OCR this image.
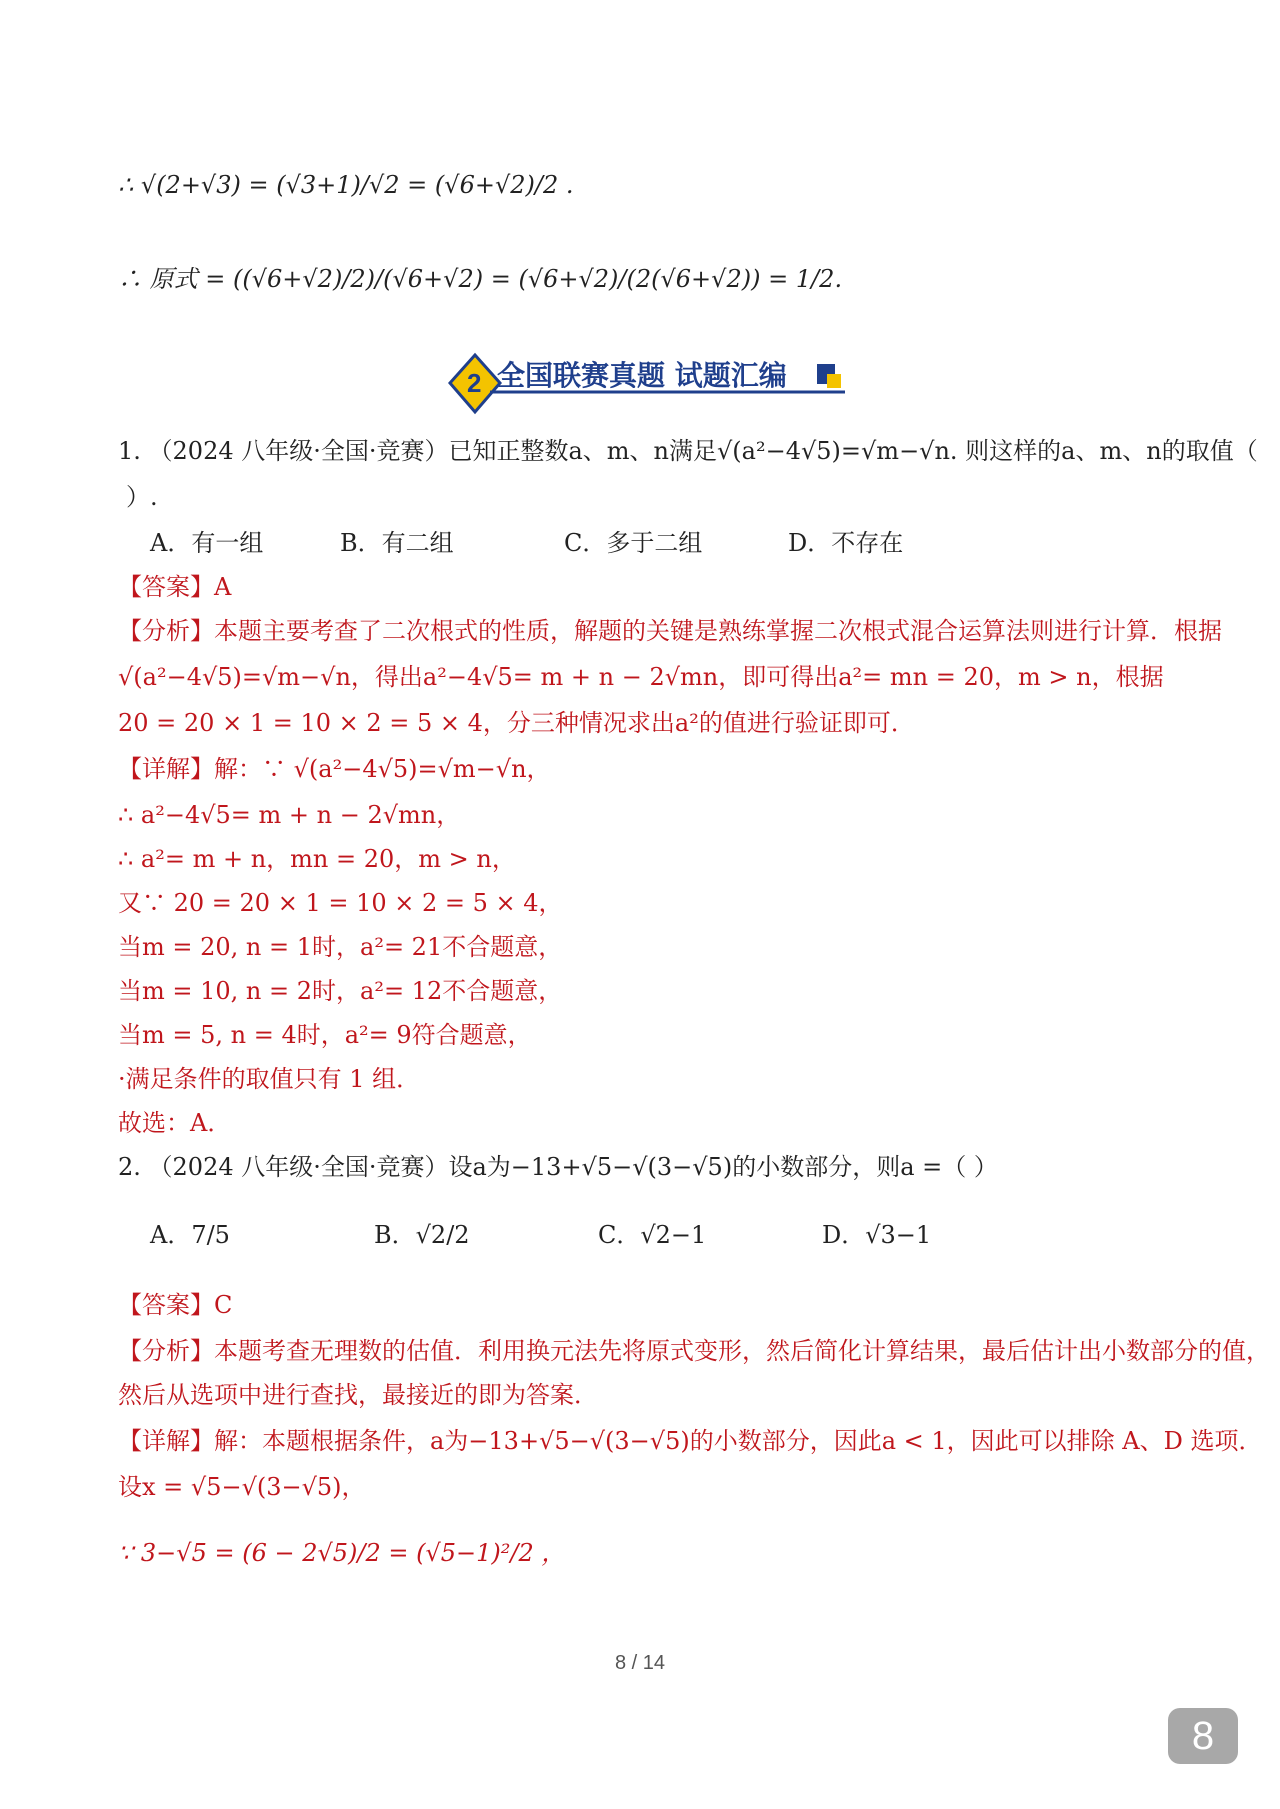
∴ √(2+√3) = (√3+1)/√2 = (√6+√2)/2 .
∴ 原式 = ((√6+√2)/2)/(√6+√2) = (√6+√2)/(2(√6+√2)) = 1/2.
2 全国联赛真题 试题汇编
1. （2024 八年级·全国·竞赛）已知正整数a、m、n满足√(a²−4√5)=√m−√n. 则这样的a、m、n的取值（
）.
A．有一组	B．有二组	C．多于二组	D．不存在
【答案】A
【分析】本题主要考查了二次根式的性质，解题的关键是熟练掌握二次根式混合运算法则进行计算．根据
√(a²−4√5)=√m−√n，得出a²−4√5= m + n − 2√mn，即可得出a²= mn = 20，m > n，根据
20 = 20 × 1 = 10 × 2 = 5 × 4，分三种情况求出a²的值进行验证即可．
【详解】解：∵ √(a²−4√5)=√m−√n，
∴ a²−4√5= m + n − 2√mn，
∴ a²= m + n，mn = 20，m > n，
又∵ 20 = 20 × 1 = 10 × 2 = 5 × 4，
当m = 20, n = 1时，a²= 21不合题意，
当m = 10, n = 2时，a²= 12不合题意，
当m = 5, n = 4时，a²= 9符合题意，
·满足条件的取值只有 1 组．
故选：A．
2. （2024 八年级·全国·竞赛）设a为−13+√5−√(3−√5)的小数部分，则a =（ ）
A．7/5	B．√2/2	C．√2−1	D．√3−1
【答案】C
【分析】本题考查无理数的估值．利用换元法先将原式变形，然后简化计算结果，最后估计出小数部分的值，
然后从选项中进行查找，最接近的即为答案．
【详解】解：本题根据条件，a为−13+√5−√(3−√5)的小数部分，因此a < 1，因此可以排除 A、D 选项．
设x = √5−√(3−√5)，
∵ 3−√5 = (6 − 2√5)/2 = (√5−1)²/2 ，
8 / 14
8
